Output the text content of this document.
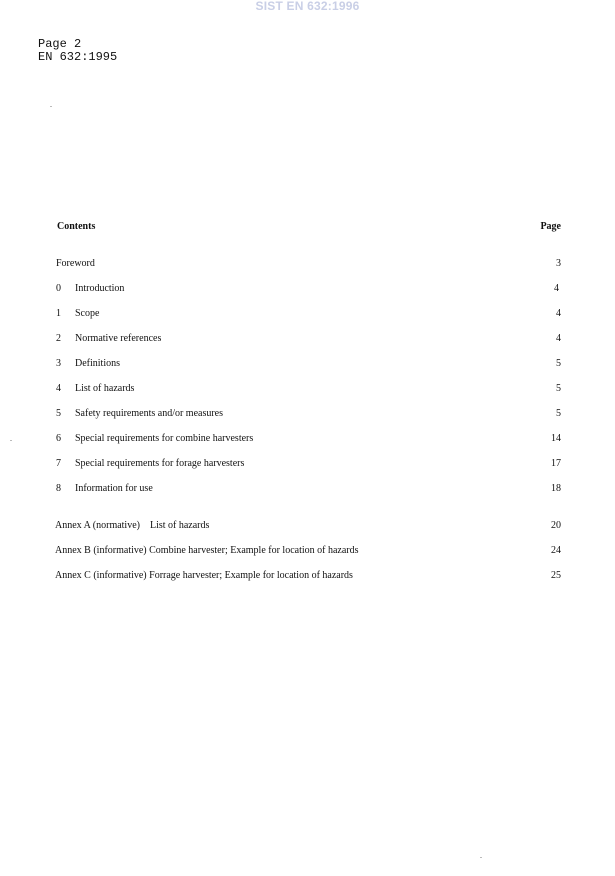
SIST EN 632:1996
Page 2
EN 632:1995
Contents	Page
Foreword	3
0 Introduction	4
1 Scope	4
2 Normative references	4
3 Definitions	5
4 List of hazards	5
5 Safety requirements and/or measures	5
6 Special requirements for combine harvesters	14
7 Special requirements for forage harvesters	17
8 Information for use	18
Annex A (normative)    List of hazards	20
Annex B (informative) Combine harvester; Example for location of hazards	24
Annex C (informative) Forrage harvester; Example for location of hazards	25
